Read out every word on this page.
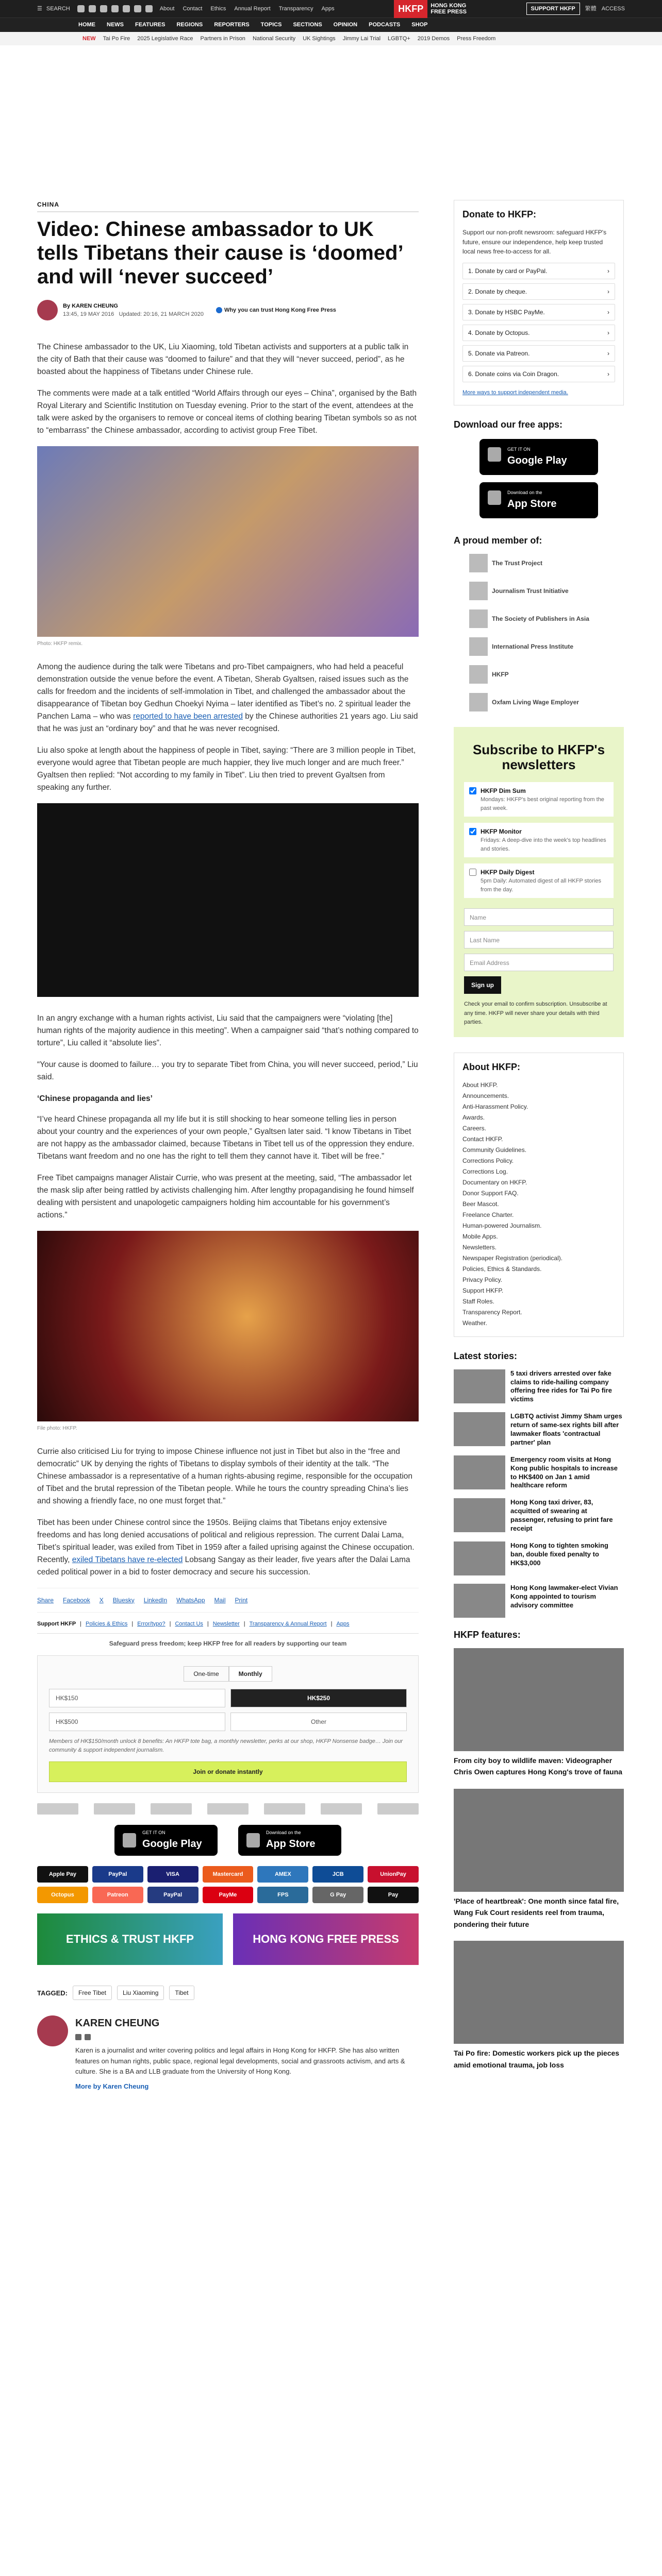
☰ SEARCH	About Contact Ethics Annual Report Transparency Apps	HKFP	HONG KONG
FREE PRESS
SUPPORT HKFP	繁體 ACCESS
HOME NEWS FEATURES REGIONS REPORTERS TOPICS SECTIONS OPINION PODCASTS SHOP
NEW Tai Po Fire 2025 Legislative Race Partners in Prison National Security UK Sightings Jimmy Lai Trial LGBTQ+ 2019 Demos Press Freedom
CHINA
Video: Chinese ambassador to UK tells Tibetans their cause is ‘doomed’ and will ‘never succeed’
By KAREN CHEUNG
13:45, 19 MAY 2016 Updated: 20:16, 21 MARCH 2020
Why you can trust Hong Kong Free Press

The Chinese ambassador to the UK, Liu Xiaoming, told Tibetan activists and supporters at a public talk in the city of Bath that their cause was “doomed to failure” and that they will “never succeed, period”, as he boasted about the happiness of Tibetans under Chinese rule.

The comments were made at a talk entitled “World Affairs through our eyes – China”, organised by the Bath Royal Literary and Scientific Institution on Tuesday evening. Prior to the start of the event, attendees at the talk were asked by the organisers to remove or conceal items of clothing bearing Tibetan symbols so as not to “embarrass” the Chinese ambassador, according to activist group Free Tibet.

Photo: HKFP remix.

Among the audience during the talk were Tibetans and pro-Tibet campaigners, who had held a peaceful demonstration outside the venue before the event. A Tibetan, Sherab Gyaltsen, raised issues such as the calls for freedom and the incidents of self-immolation in Tibet, and challenged the ambassador about the disappearance of Tibetan boy Gedhun Choekyi Nyima – later identified as Tibet’s no. 2 spiritual leader the Panchen Lama – who was reported to have been arrested by the Chinese authorities 21 years ago. Liu said that he was just an “ordinary boy” and that he was never recognised.

Liu also spoke at length about the happiness of people in Tibet, saying: “There are 3 million people in Tibet, everyone would agree that Tibetan people are much happier, they live much longer and are much freer.” Gyaltsen then replied: “Not according to my family in Tibet”. Liu then tried to prevent Gyaltsen from speaking any further.

In an angry exchange with a human rights activist, Liu said that the campaigners were “violating [the] human rights of the majority audience in this meeting”. When a campaigner said “that’s nothing compared to torture”, Liu called it “absolute lies”.

“Your cause is doomed to failure… you try to separate Tibet from China, you will never succeed, period,” Liu said.

‘Chinese propaganda and lies’

“I’ve heard Chinese propaganda all my life but it is still shocking to hear someone telling lies in person about your country and the experiences of your own people,” Gyaltsen later said. “I know Tibetans in Tibet are not happy as the ambassador claimed, because Tibetans in Tibet tell us of the oppression they endure. Tibetans want freedom and no one has the right to tell them they cannot have it. Tibet will be free.”

Free Tibet campaigns manager Alistair Currie, who was present at the meeting, said, “The ambassador let the mask slip after being rattled by activists challenging him. After lengthy propagandising he found himself dealing with persistent and unapologetic campaigners holding him accountable for his government’s actions.”

File photo: HKFP.

Currie also criticised Liu for trying to impose Chinese influence not just in Tibet but also in the “free and democratic” UK by denying the rights of Tibetans to display symbols of their identity at the talk. “The Chinese ambassador is a representative of a human rights-abusing regime, responsible for the occupation of Tibet and the brutal repression of the Tibetan people. While he tours the country spreading China’s lies and showing a friendly face, no one must forget that.”

Tibet has been under Chinese control since the 1950s. Beijing claims that Tibetans enjoy extensive freedoms and has long denied accusations of political and religious repression. The current Dalai Lama, Tibet’s spiritual leader, was exiled from Tibet in 1959 after a failed uprising against the Chinese occupation. Recently, exiled Tibetans have re-elected Lobsang Sangay as their leader, five years after the Dalai Lama ceded political power in a bid to foster democracy and secure his succession.

Share Facebook X Bluesky LinkedIn WhatsApp Mail Print
Support HKFP | Policies & Ethics | Error/typo? | Contact Us | Newsletter | Transparency & Annual Report | Apps
Safeguard press freedom; keep HKFP free for all readers by supporting our team
One-time	Monthly
HK$150	HK$250
HK$500	Other
Members of HK$150/month unlock 8 benefits: An HKFP tote bag, a monthly newsletter, perks at our shop, HKFP Nonsense badge… Join our community & support independent journalism.
Join or donate instantly
GET IT ON
Google Play
Download on the
App Store
Apple Pay	PayPal	VISA	Mastercard	AMEX	JCB	UnionPay
Octopus	Patreon	PayPal	PayMe	FPS	G Pay	Pay
ETHICS & TRUST HKFP	HONG KONG FREE PRESS
TAGGED:	Free Tibet	Liu Xiaoming	Tibet
KAREN CHEUNG

Karen is a journalist and writer covering politics and legal affairs in Hong Kong for HKFP. She has also written features on human rights, public space, regional legal developments, social and grassroots activism, and arts & culture. She is a BA and LLB graduate from the University of Hong Kong.

More by Karen Cheung
Donate to HKFP:

Support our non-profit newsroom: safeguard HKFP's future, ensure our independence, help keep trusted local news free-to-access for all.

1. Donate by card or PayPal.	›
2. Donate by cheque.	›
3. Donate by HSBC PayMe.	›
4. Donate by Octopus.	›
5. Donate via Patreon.	›
6. Donate coins via Coin Dragon.	›
More ways to support independent media.
Download our free apps:
GET IT ON
Google Play
Download on the
App Store
A proud member of:
The Trust Project
Journalism Trust Initiative
The Society of Publishers in Asia
International Press Institute
HKFP
Oxfam Living Wage Employer
Subscribe to HKFP's newsletters
HKFP Dim Sum
Mondays: HKFP's best original reporting from the past week.
HKFP Monitor
Fridays: A deep-dive into the week's top headlines and stories.
HKFP Daily Digest
5pm Daily: Automated digest of all HKFP stories from the day.
Name
Last Name
Email Address
Sign up

Check your email to confirm subscription. Unsubscribe at any time. HKFP will never share your details with third parties.

About HKFP:
About HKFP.
Announcements.
Anti-Harassment Policy.
Awards.
Careers.
Contact HKFP.
Community Guidelines.
Corrections Policy.
Corrections Log.
Documentary on HKFP.
Donor Support FAQ.
Beer Mascot.
Freelance Charter.
Human-powered Journalism.
Mobile Apps.
Newsletters.
Newspaper Registration (periodical).
Policies, Ethics & Standards.
Privacy Policy.
Support HKFP.
Staff Roles.
Transparency Report.
Weather.
Latest stories:
5 taxi drivers arrested over fake claims to ride-hailing company offering free rides for Tai Po fire victims
LGBTQ activist Jimmy Sham urges return of same-sex rights bill after lawmaker floats 'contractual partner' plan
Emergency room visits at Hong Kong public hospitals to increase to HK$400 on Jan 1 amid healthcare reform
Hong Kong taxi driver, 83, acquitted of swearing at passenger, refusing to print fare receipt
Hong Kong to tighten smoking ban, double fixed penalty to HK$3,000
Hong Kong lawmaker-elect Vivian Kong appointed to tourism advisory committee
HKFP features:
From city boy to wildlife maven: Videographer Chris Owen captures Hong Kong's trove of fauna
'Place of heartbreak': One month since fatal fire, Wang Fuk Court residents reel from trauma, pondering their future
Tai Po fire: Domestic workers pick up the pieces amid emotional trauma, job loss
